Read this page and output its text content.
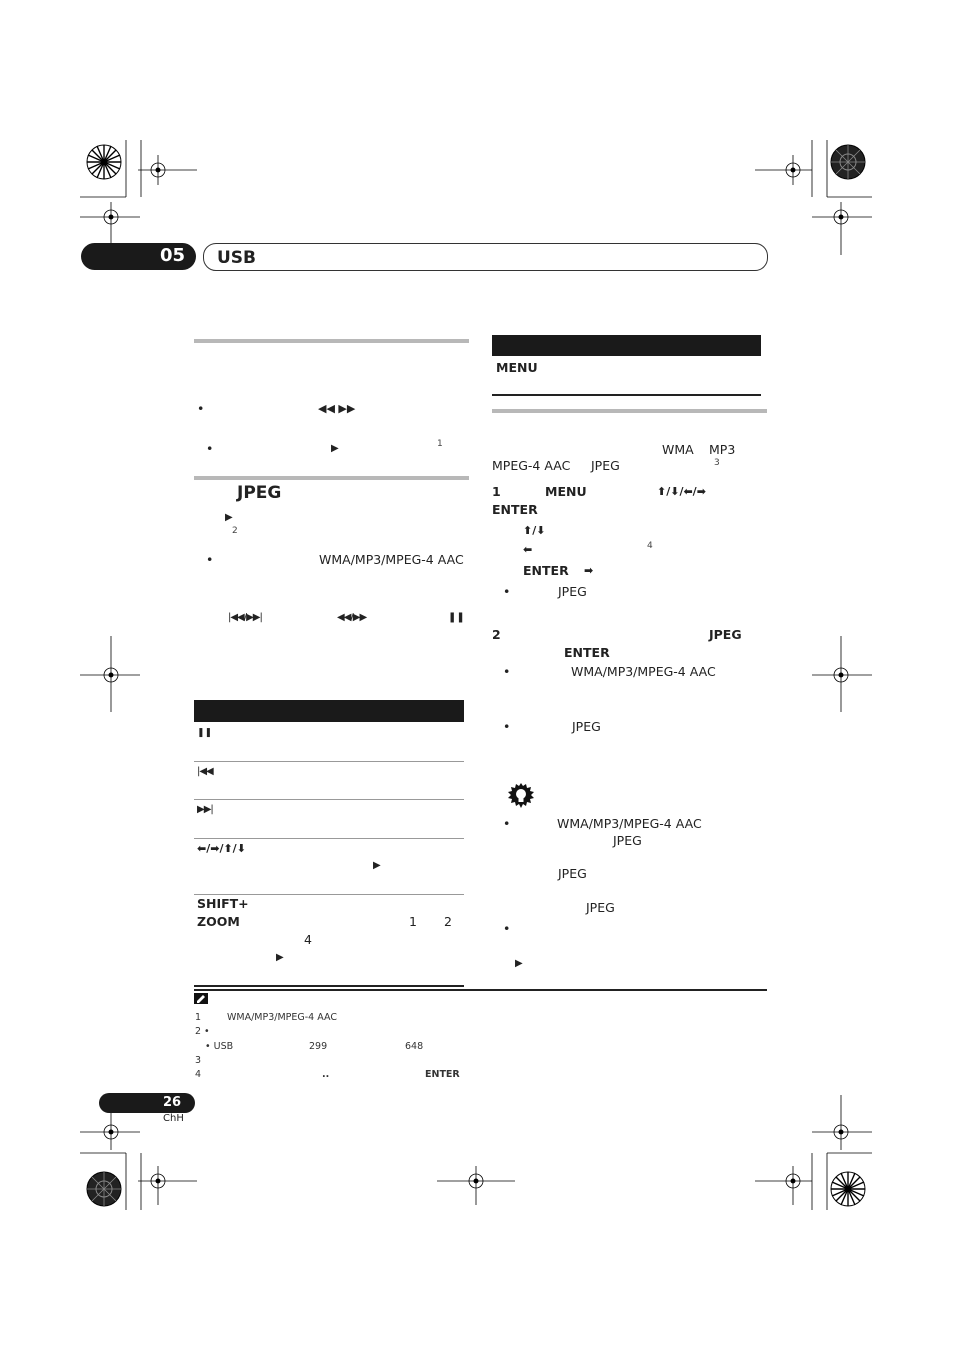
05 USB
•	◀◀ ▶▶
•	▶	1
JPEG
▶
2
•	WMA/MP3/MPEG-4 AAC
|◀◀/▶▶|	◀◀/▶▶	❚❚
❚❚
|◀◀
▶▶|
⬅/➡/⬆/⬇
▶
SHIFT+
ZOOM	1 2
4
▶
MENU
WMA MP3
MPEG-4 AAC JPEG	3
1	MENU	⬆/⬇/⬅/➡
ENTER
⬆/⬇
⬅	4
ENTER ➡
•	JPEG
2	JPEG
ENTER
•	WMA/MP3/MPEG-4 AAC
•	JPEG
•	WMA/MP3/MPEG-4 AAC
JPEG
JPEG
JPEG
•
▶
1	WMA/MP3/MPEG-4 AAC
2 •
• USB	299	648
3
4	..	ENTER
26
ChH
